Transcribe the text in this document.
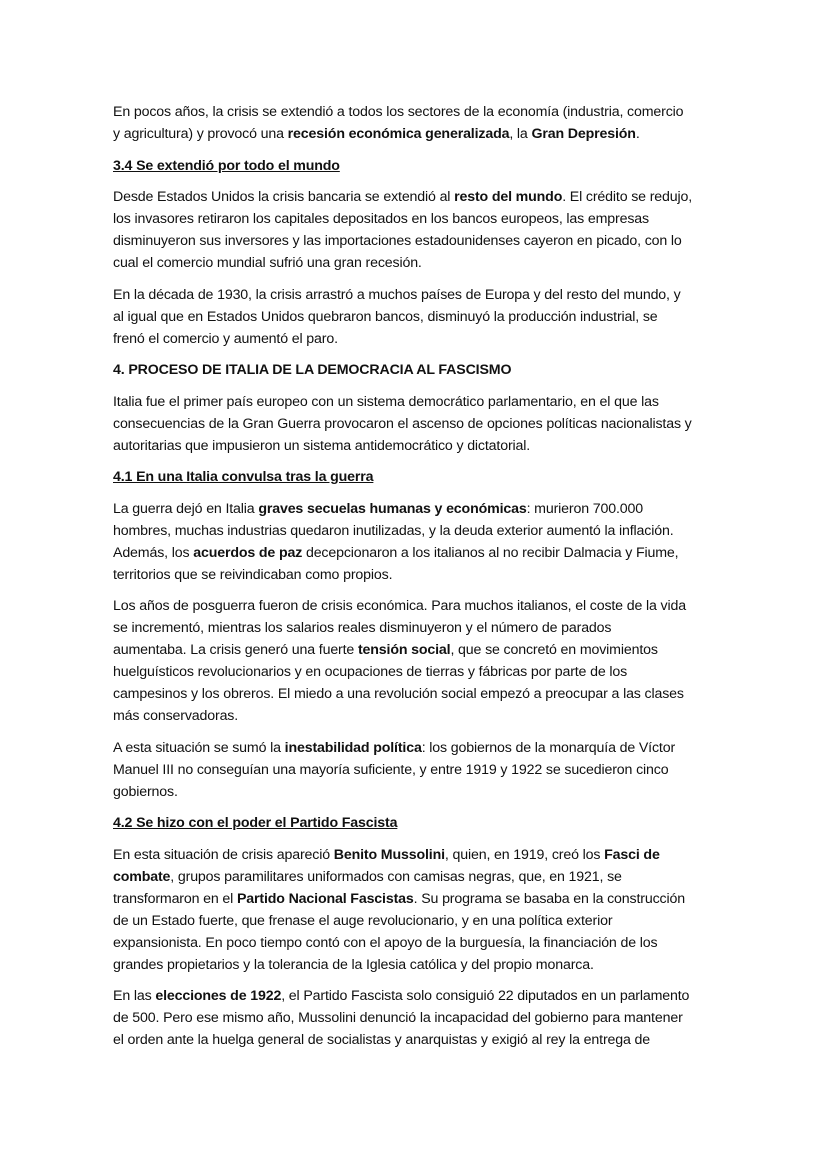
En pocos años, la crisis se extendió a todos los sectores de la economía (industria, comercio
y agricultura) y provocó una recesión económica generalizada, la Gran Depresión.
3.4 Se extendió por todo el mundo
Desde Estados Unidos la crisis bancaria se extendió al resto del mundo. El crédito se redujo,
los invasores retiraron los capitales depositados en los bancos europeos, las empresas
disminuyeron sus inversores y las importaciones estadounidenses cayeron en picado, con lo
cual el comercio mundial sufrió una gran recesión.
En la década de 1930, la crisis arrastró a muchos países de Europa y del resto del mundo, y
al igual que en Estados Unidos quebraron bancos, disminuyó la producción industrial, se
frenó el comercio y aumentó el paro.
4. PROCESO DE ITALIA DE LA DEMOCRACIA AL FASCISMO
Italia fue el primer país europeo con un sistema democrático parlamentario, en el que las
consecuencias de la Gran Guerra provocaron el ascenso de opciones políticas nacionalistas y
autoritarias que impusieron un sistema antidemocrático y dictatorial.
4.1 En una Italia convulsa tras la guerra
La guerra dejó en Italia graves secuelas humanas y económicas: murieron 700.000
hombres, muchas industrias quedaron inutilizadas, y la deuda exterior aumentó la inflación.
Además, los acuerdos de paz decepcionaron a los italianos al no recibir Dalmacia y Fiume,
territorios que se reivindicaban como propios.
Los años de posguerra fueron de crisis económica. Para muchos italianos, el coste de la vida
se incrementó, mientras los salarios reales disminuyeron y el número de parados
aumentaba. La crisis generó una fuerte tensión social, que se concretó en movimientos
huelguísticos revolucionarios y en ocupaciones de tierras y fábricas por parte de los
campesinos y los obreros. El miedo a una revolución social empezó a preocupar a las clases
más conservadoras.
A esta situación se sumó la inestabilidad política: los gobiernos de la monarquía de Víctor
Manuel III no conseguían una mayoría suficiente, y entre 1919 y 1922 se sucedieron cinco
gobiernos.
4.2 Se hizo con el poder el Partido Fascista
En esta situación de crisis apareció Benito Mussolini, quien, en 1919, creó los Fasci de
combate, grupos paramilitares uniformados con camisas negras, que, en 1921, se
transformaron en el Partido Nacional Fascistas. Su programa se basaba en la construcción
de un Estado fuerte, que frenase el auge revolucionario, y en una política exterior
expansionista. En poco tiempo contó con el apoyo de la burguesía, la financiación de los
grandes propietarios y la tolerancia de la Iglesia católica y del propio monarca.
En las elecciones de 1922, el Partido Fascista solo consiguió 22 diputados en un parlamento
de 500. Pero ese mismo año, Mussolini denunció la incapacidad del gobierno para mantener
el orden ante la huelga general de socialistas y anarquistas y exigió al rey la entrega de
